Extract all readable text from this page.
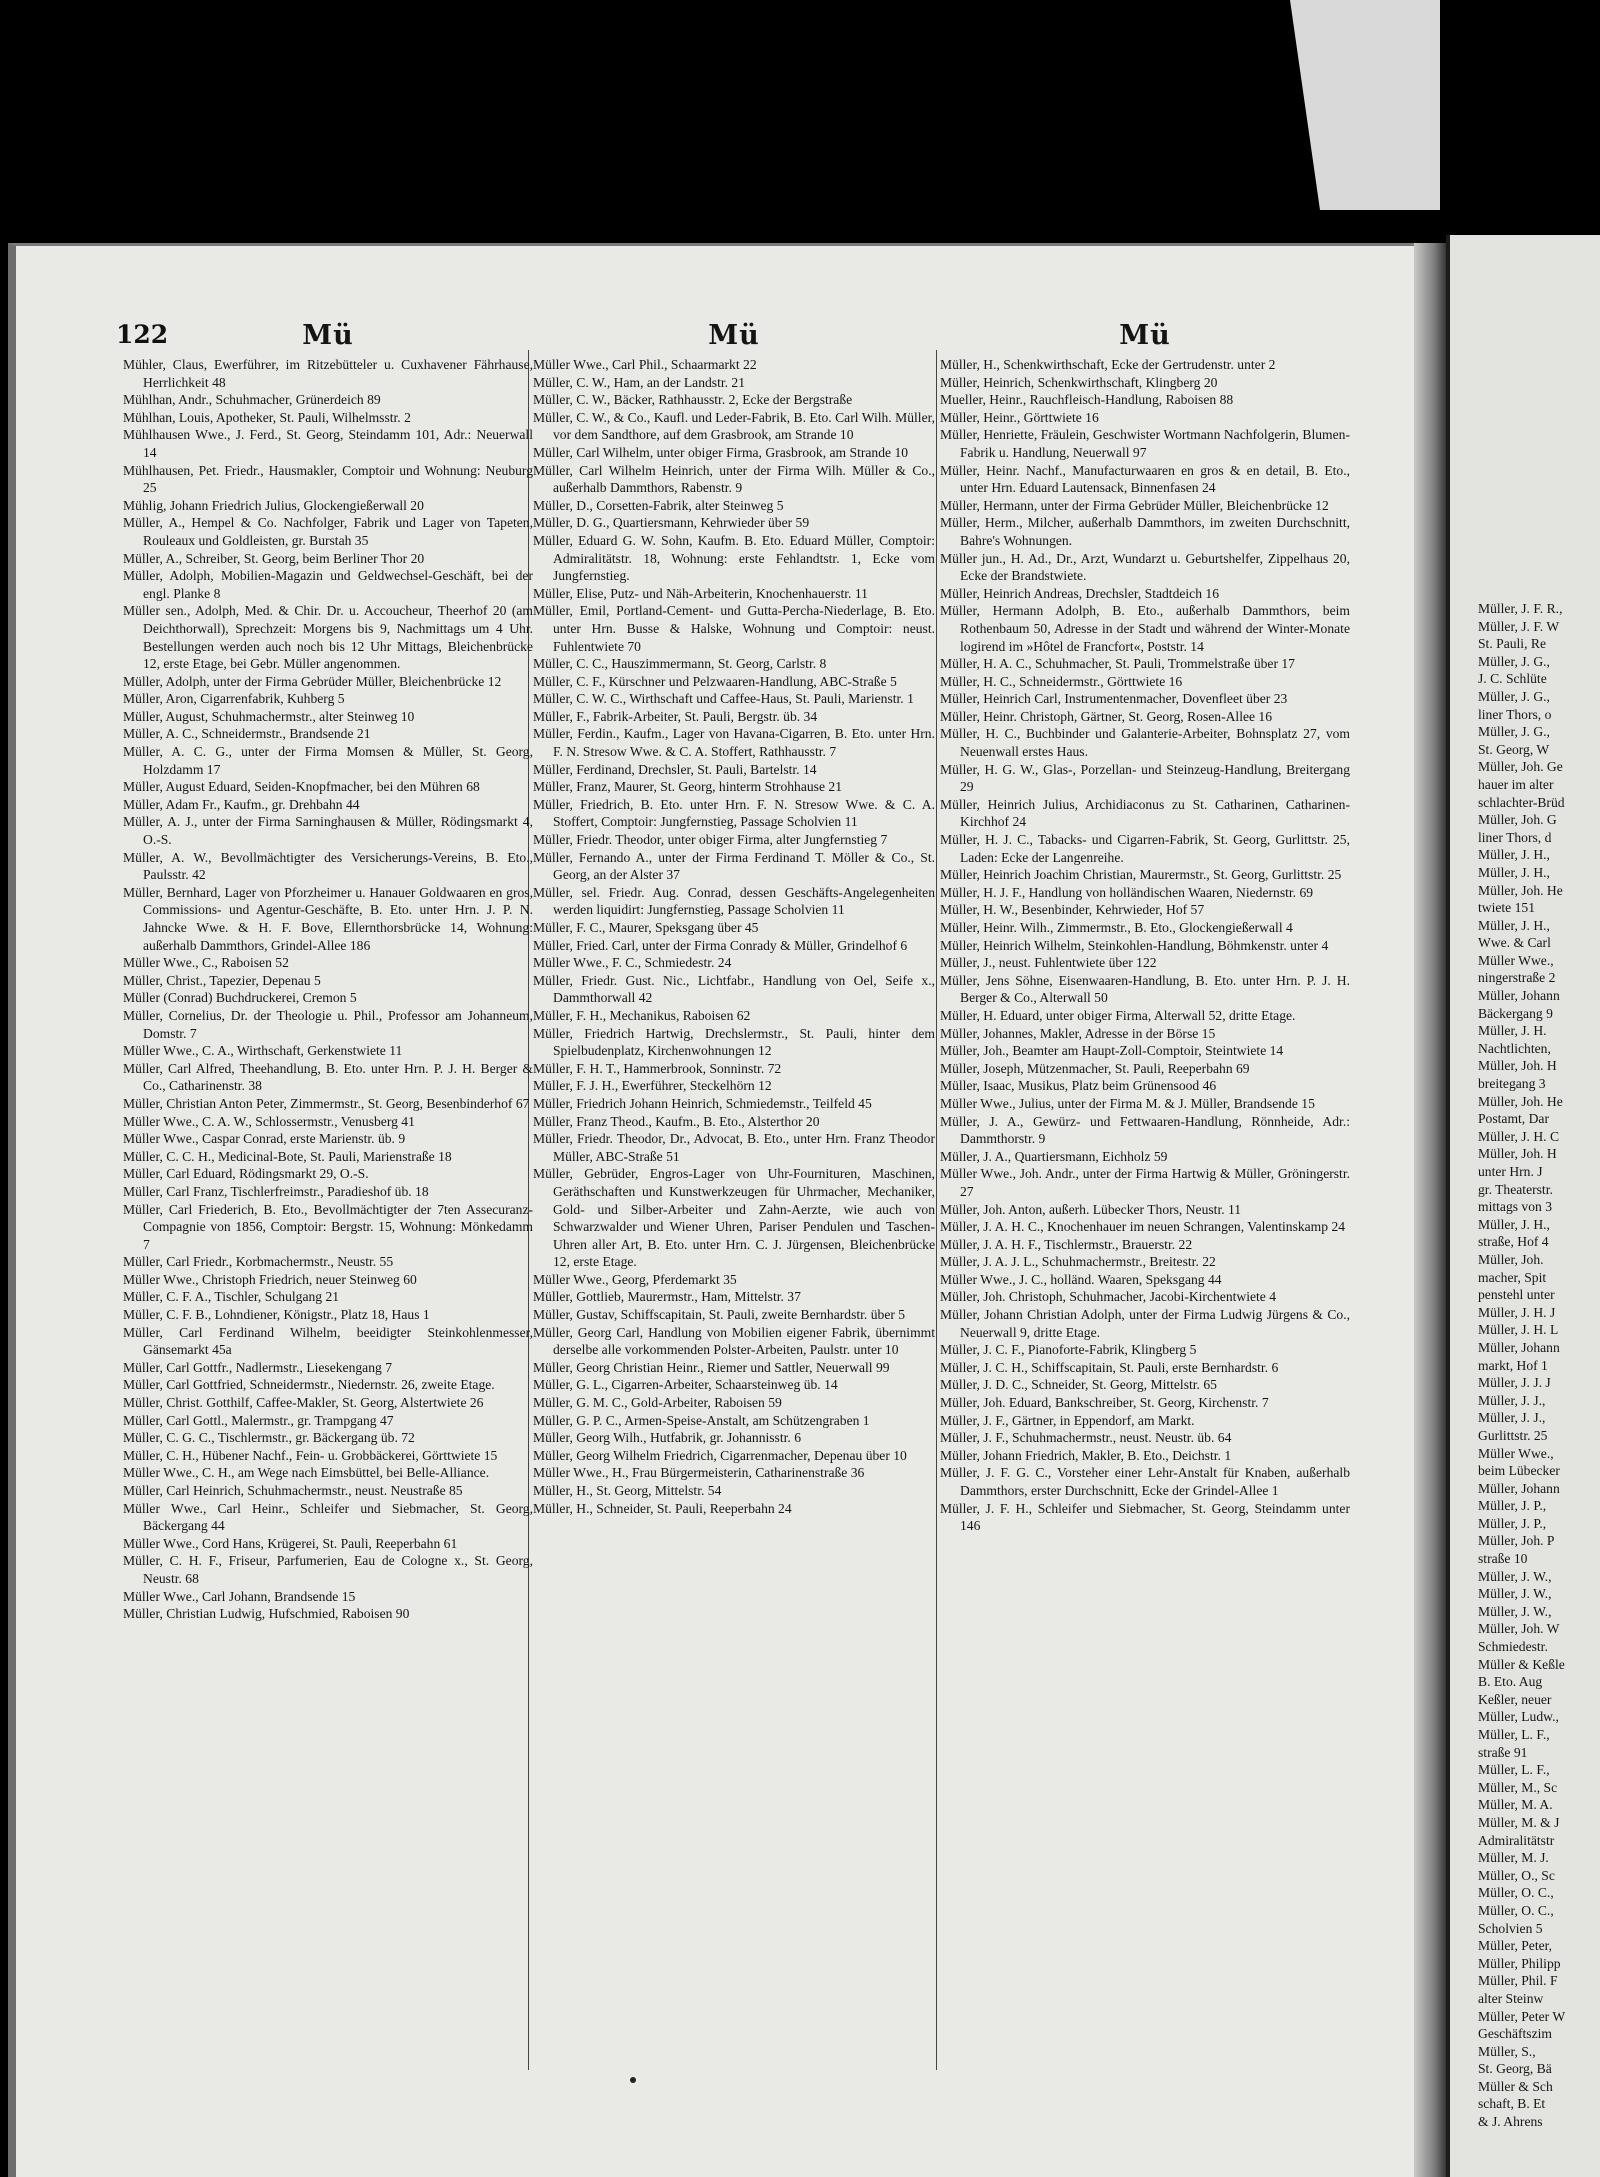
Müller, J. F. R.,
Müller, J. F. W
St. Pauli, Re
Müller, J. G.,
J. C. Schlüte
Müller, J. G.,
liner Thors, o
Müller, J. G.,
St. Georg, W
Müller, Joh. Ge
hauer im alter
schlachter-Brüd
Müller, Joh. G
liner Thors, d
Müller, J. H.,
Müller, J. H.,
Müller, Joh. He
twiete 151
Müller, J. H.,
Wwe. & Carl
Müller Wwe.,
ningerstraße 2
Müller, Johann
Bäckergang 9
Müller, J. H.
Nachtlichten,
Müller, Joh. H
breitegang 3
Müller, Joh. He
Postamt, Dar
Müller, J. H. C
Müller, Joh. H
unter Hrn. J
gr. Theaterstr.
mittags von 3
Müller, J. H.,
straße, Hof 4
Müller, Joh.
macher, Spit
penstehl unter
Müller, J. H. J
Müller, J. H. L
Müller, Johann
markt, Hof 1
Müller, J. J. J
Müller, J. J.,
Müller, J. J.,
Gurlittstr. 25
Müller Wwe.,
beim Lübecker
Müller, Johann
Müller, J. P.,
Müller, J. P.,
Müller, Joh. P
straße 10
Müller, J. W.,
Müller, J. W.,
Müller, J. W.,
Müller, Joh. W
Schmiedestr.
Müller & Keßle
B. Eto. Aug
Keßler, neuer
Müller, Ludw.,
Müller, L. F.,
straße 91
Müller, L. F.,
Müller, M., Sc
Müller, M. A.
Müller, M. & J
Admiralitätstr
Müller, M. J.
Müller, O., Sc
Müller, O. C.,
Müller, O. C.,
Scholvien 5
Müller, Peter,
Müller, Philipp
Müller, Phil. F
alter Steinw
Müller, Peter W
Geschäftszim
Müller, S.,
St. Georg, Bä
Müller & Sch
schaft, B. Et
& J. Ahrens
122	Mü
Mühler, Claus, Ewerführer, im Ritzebütteler u. Cuxhavener Fährhause, Herrlichkeit 48
Mühlhan, Andr., Schuhmacher, Grünerdeich 89
Mühlhan, Louis, Apotheker, St. Pauli, Wilhelmsstr. 2
Mühlhausen Wwe., J. Ferd., St. Georg, Steindamm 101, Adr.: Neuerwall 14
Mühlhausen, Pet. Friedr., Hausmakler, Comptoir und Wohnung: Neuburg 25
Mühlig, Johann Friedrich Julius, Glockengießerwall 20
Müller, A., Hempel & Co. Nachfolger, Fabrik und Lager von Tapeten, Rouleaux und Goldleisten, gr. Burstah 35
Müller, A., Schreiber, St. Georg, beim Berliner Thor 20
Müller, Adolph, Mobilien-Magazin und Geldwechsel-Geschäft, bei der engl. Planke 8
Müller sen., Adolph, Med. & Chir. Dr. u. Accoucheur, Theerhof 20 (am Deichthorwall), Sprechzeit: Morgens bis 9, Nachmittags um 4 Uhr. Bestellungen werden auch noch bis 12 Uhr Mittags, Bleichenbrücke 12, erste Etage, bei Gebr. Müller angenommen.
Müller, Adolph, unter der Firma Gebrüder Müller, Bleichenbrücke 12
Müller, Aron, Cigarrenfabrik, Kuhberg 5
Müller, August, Schuhmachermstr., alter Steinweg 10
Müller, A. C., Schneidermstr., Brandsende 21
Müller, A. C. G., unter der Firma Momsen & Müller, St. Georg, Holzdamm 17
Müller, August Eduard, Seiden-Knopfmacher, bei den Mühren 68
Müller, Adam Fr., Kaufm., gr. Drehbahn 44
Müller, A. J., unter der Firma Sarninghausen & Müller, Rödingsmarkt 4, O.-S.
Müller, A. W., Bevollmächtigter des Versicherungs-Vereins, B. Eto., Paulsstr. 42
Müller, Bernhard, Lager von Pforzheimer u. Hanauer Goldwaaren en gros, Commissions- und Agentur-Geschäfte, B. Eto. unter Hrn. J. P. N. Jahncke Wwe. & H. F. Bove, Ellernthorsbrücke 14, Wohnung: außerhalb Dammthors, Grindel-Allee 186
Müller Wwe., C., Raboisen 52
Müller, Christ., Tapezier, Depenau 5
Müller (Conrad) Buchdruckerei, Cremon 5
Müller, Cornelius, Dr. der Theologie u. Phil., Professor am Johanneum, Domstr. 7
Müller Wwe., C. A., Wirthschaft, Gerkenstwiete 11
Müller, Carl Alfred, Theehandlung, B. Eto. unter Hrn. P. J. H. Berger & Co., Catharinenstr. 38
Müller, Christian Anton Peter, Zimmermstr., St. Georg, Besenbinderhof 67
Müller Wwe., C. A. W., Schlossermstr., Venusberg 41
Müller Wwe., Caspar Conrad, erste Marienstr. üb. 9
Müller, C. C. H., Medicinal-Bote, St. Pauli, Marienstraße 18
Müller, Carl Eduard, Rödingsmarkt 29, O.-S.
Müller, Carl Franz, Tischlerfreimstr., Paradieshof üb. 18
Müller, Carl Friederich, B. Eto., Bevollmächtigter der 7ten Assecuranz-Compagnie von 1856, Comptoir: Bergstr. 15, Wohnung: Mönkedamm 7
Müller, Carl Friedr., Korbmachermstr., Neustr. 55
Müller Wwe., Christoph Friedrich, neuer Steinweg 60
Müller, C. F. A., Tischler, Schulgang 21
Müller, C. F. B., Lohndiener, Königstr., Platz 18, Haus 1
Müller, Carl Ferdinand Wilhelm, beeidigter Steinkohlenmesser, Gänsemarkt 45a
Müller, Carl Gottfr., Nadlermstr., Liesekengang 7
Müller, Carl Gottfried, Schneidermstr., Niedernstr. 26, zweite Etage.
Müller, Christ. Gotthilf, Caffee-Makler, St. Georg, Alstertwiete 26
Müller, Carl Gottl., Malermstr., gr. Trampgang 47
Müller, C. G. C., Tischlermstr., gr. Bäckergang üb. 72
Müller, C. H., Hübener Nachf., Fein- u. Grobbäckerei, Görttwiete 15
Müller Wwe., C. H., am Wege nach Eimsbüttel, bei Belle-Alliance.
Müller, Carl Heinrich, Schuhmachermstr., neust. Neustraße 85
Müller Wwe., Carl Heinr., Schleifer und Siebmacher, St. Georg, Bäckergang 44
Müller Wwe., Cord Hans, Krügerei, St. Pauli, Reeperbahn 61
Müller, C. H. F., Friseur, Parfumerien, Eau de Cologne x., St. Georg, Neustr. 68
Müller Wwe., Carl Johann, Brandsende 15
Müller, Christian Ludwig, Hufschmied, Raboisen 90
Mü
Müller Wwe., Carl Phil., Schaarmarkt 22
Müller, C. W., Ham, an der Landstr. 21
Müller, C. W., Bäcker, Rathhausstr. 2, Ecke der Bergstraße
Müller, C. W., & Co., Kaufl. und Leder-Fabrik, B. Eto. Carl Wilh. Müller, vor dem Sandthore, auf dem Grasbrook, am Strande 10
Müller, Carl Wilhelm, unter obiger Firma, Grasbrook, am Strande 10
Müller, Carl Wilhelm Heinrich, unter der Firma Wilh. Müller & Co., außerhalb Dammthors, Rabenstr. 9
Müller, D., Corsetten-Fabrik, alter Steinweg 5
Müller, D. G., Quartiersmann, Kehrwieder über 59
Müller, Eduard G. W. Sohn, Kaufm. B. Eto. Eduard Müller, Comptoir: Admiralitätstr. 18, Wohnung: erste Fehlandtstr. 1, Ecke vom Jungfernstieg.
Müller, Elise, Putz- und Näh-Arbeiterin, Knochenhauerstr. 11
Müller, Emil, Portland-Cement- und Gutta-Percha-Niederlage, B. Eto. unter Hrn. Busse & Halske, Wohnung und Comptoir: neust. Fuhlentwiete 70
Müller, C. C., Hauszimmermann, St. Georg, Carlstr. 8
Müller, C. F., Kürschner und Pelzwaaren-Handlung, ABC-Straße 5
Müller, C. W. C., Wirthschaft und Caffee-Haus, St. Pauli, Marienstr. 1
Müller, F., Fabrik-Arbeiter, St. Pauli, Bergstr. üb. 34
Müller, Ferdin., Kaufm., Lager von Havana-Cigarren, B. Eto. unter Hrn. F. N. Stresow Wwe. & C. A. Stoffert, Rathhausstr. 7
Müller, Ferdinand, Drechsler, St. Pauli, Bartelstr. 14
Müller, Franz, Maurer, St. Georg, hinterm Strohhause 21
Müller, Friedrich, B. Eto. unter Hrn. F. N. Stresow Wwe. & C. A. Stoffert, Comptoir: Jungfernstieg, Passage Scholvien 11
Müller, Friedr. Theodor, unter obiger Firma, alter Jungfernstieg 7
Müller, Fernando A., unter der Firma Ferdinand T. Möller & Co., St. Georg, an der Alster 37
Müller, sel. Friedr. Aug. Conrad, dessen Geschäfts-Angelegenheiten werden liquidirt: Jungfernstieg, Passage Scholvien 11
Müller, F. C., Maurer, Speksgang über 45
Müller, Fried. Carl, unter der Firma Conrady & Müller, Grindelhof 6
Müller Wwe., F. C., Schmiedestr. 24
Müller, Friedr. Gust. Nic., Lichtfabr., Handlung von Oel, Seife x., Dammthorwall 42
Müller, F. H., Mechanikus, Raboisen 62
Müller, Friedrich Hartwig, Drechslermstr., St. Pauli, hinter dem Spielbudenplatz, Kirchenwohnungen 12
Müller, F. H. T., Hammerbrook, Sonninstr. 72
Müller, F. J. H., Ewerführer, Steckelhörn 12
Müller, Friedrich Johann Heinrich, Schmiedemstr., Teilfeld 45
Müller, Franz Theod., Kaufm., B. Eto., Alsterthor 20
Müller, Friedr. Theodor, Dr., Advocat, B. Eto., unter Hrn. Franz Theodor Müller, ABC-Straße 51
Müller, Gebrüder, Engros-Lager von Uhr-Fournituren, Maschinen, Geräthschaften und Kunstwerkzeugen für Uhrmacher, Mechaniker, Gold- und Silber-Arbeiter und Zahn-Aerzte, wie auch von Schwarzwalder und Wiener Uhren, Pariser Pendulen und Taschen-Uhren aller Art, B. Eto. unter Hrn. C. J. Jürgensen, Bleichenbrücke 12, erste Etage.
Müller Wwe., Georg, Pferdemarkt 35
Müller, Gottlieb, Maurermstr., Ham, Mittelstr. 37
Müller, Gustav, Schiffscapitain, St. Pauli, zweite Bernhardstr. über 5
Müller, Georg Carl, Handlung von Mobilien eigener Fabrik, übernimmt derselbe alle vorkommenden Polster-Arbeiten, Paulstr. unter 10
Müller, Georg Christian Heinr., Riemer und Sattler, Neuerwall 99
Müller, G. L., Cigarren-Arbeiter, Schaarsteinweg üb. 14
Müller, G. M. C., Gold-Arbeiter, Raboisen 59
Müller, G. P. C., Armen-Speise-Anstalt, am Schützengraben 1
Müller, Georg Wilh., Hutfabrik, gr. Johannisstr. 6
Müller, Georg Wilhelm Friedrich, Cigarrenmacher, Depenau über 10
Müller Wwe., H., Frau Bürgermeisterin, Catharinenstraße 36
Müller, H., St. Georg, Mittelstr. 54
Müller, H., Schneider, St. Pauli, Reeperbahn 24
Mü
Müller, H., Schenkwirthschaft, Ecke der Gertrudenstr. unter 2
Müller, Heinrich, Schenkwirthschaft, Klingberg 20
Mueller, Heinr., Rauchfleisch-Handlung, Raboisen 88
Müller, Heinr., Görttwiete 16
Müller, Henriette, Fräulein, Geschwister Wortmann Nachfolgerin, Blumen-Fabrik u. Handlung, Neuerwall 97
Müller, Heinr. Nachf., Manufacturwaaren en gros & en detail, B. Eto., unter Hrn. Eduard Lautensack, Binnenfasen 24
Müller, Hermann, unter der Firma Gebrüder Müller, Bleichenbrücke 12
Müller, Herm., Milcher, außerhalb Dammthors, im zweiten Durchschnitt, Bahre's Wohnungen.
Müller jun., H. Ad., Dr., Arzt, Wundarzt u. Geburtshelfer, Zippelhaus 20, Ecke der Brandstwiete.
Müller, Heinrich Andreas, Drechsler, Stadtdeich 16
Müller, Hermann Adolph, B. Eto., außerhalb Dammthors, beim Rothenbaum 50, Adresse in der Stadt und während der Winter-Monate logirend im »Hôtel de Francfort«, Poststr. 14
Müller, H. A. C., Schuhmacher, St. Pauli, Trommelstraße über 17
Müller, H. C., Schneidermstr., Görttwiete 16
Müller, Heinrich Carl, Instrumentenmacher, Dovenfleet über 23
Müller, Heinr. Christoph, Gärtner, St. Georg, Rosen-Allee 16
Müller, H. C., Buchbinder und Galanterie-Arbeiter, Bohnsplatz 27, vom Neuenwall erstes Haus.
Müller, H. G. W., Glas-, Porzellan- und Steinzeug-Handlung, Breitergang 29
Müller, Heinrich Julius, Archidiaconus zu St. Catharinen, Catharinen-Kirchhof 24
Müller, H. J. C., Tabacks- und Cigarren-Fabrik, St. Georg, Gurlittstr. 25, Laden: Ecke der Langenreihe.
Müller, Heinrich Joachim Christian, Maurermstr., St. Georg, Gurlittstr. 25
Müller, H. J. F., Handlung von holländischen Waaren, Niedernstr. 69
Müller, H. W., Besenbinder, Kehrwieder, Hof 57
Müller, Heinr. Wilh., Zimmermstr., B. Eto., Glockengießerwall 4
Müller, Heinrich Wilhelm, Steinkohlen-Handlung, Böhmkenstr. unter 4
Müller, J., neust. Fuhlentwiete über 122
Müller, Jens Söhne, Eisenwaaren-Handlung, B. Eto. unter Hrn. P. J. H. Berger & Co., Alterwall 50
Müller, H. Eduard, unter obiger Firma, Alterwall 52, dritte Etage.
Müller, Johannes, Makler, Adresse in der Börse 15
Müller, Joh., Beamter am Haupt-Zoll-Comptoir, Steintwiete 14
Müller, Joseph, Mützenmacher, St. Pauli, Reeperbahn 69
Müller, Isaac, Musikus, Platz beim Grünensood 46
Müller Wwe., Julius, unter der Firma M. & J. Müller, Brandsende 15
Müller, J. A., Gewürz- und Fettwaaren-Handlung, Rönnheide, Adr.: Dammthorstr. 9
Müller, J. A., Quartiersmann, Eichholz 59
Müller Wwe., Joh. Andr., unter der Firma Hartwig & Müller, Gröningerstr. 27
Müller, Joh. Anton, außerh. Lübecker Thors, Neustr. 11
Müller, J. A. H. C., Knochenhauer im neuen Schrangen, Valentinskamp 24
Müller, J. A. H. F., Tischlermstr., Brauerstr. 22
Müller, J. A. J. L., Schuhmachermstr., Breitestr. 22
Müller Wwe., J. C., holländ. Waaren, Speksgang 44
Müller, Joh. Christoph, Schuhmacher, Jacobi-Kirchentwiete 4
Müller, Johann Christian Adolph, unter der Firma Ludwig Jürgens & Co., Neuerwall 9, dritte Etage.
Müller, J. C. F., Pianoforte-Fabrik, Klingberg 5
Müller, J. C. H., Schiffscapitain, St. Pauli, erste Bernhardstr. 6
Müller, J. D. C., Schneider, St. Georg, Mittelstr. 65
Müller, Joh. Eduard, Bankschreiber, St. Georg, Kirchenstr. 7
Müller, J. F., Gärtner, in Eppendorf, am Markt.
Müller, J. F., Schuhmachermstr., neust. Neustr. üb. 64
Müller, Johann Friedrich, Makler, B. Eto., Deichstr. 1
Müller, J. F. G. C., Vorsteher einer Lehr-Anstalt für Knaben, außerhalb Dammthors, erster Durchschnitt, Ecke der Grindel-Allee 1
Müller, J. F. H., Schleifer und Siebmacher, St. Georg, Steindamm unter 146
